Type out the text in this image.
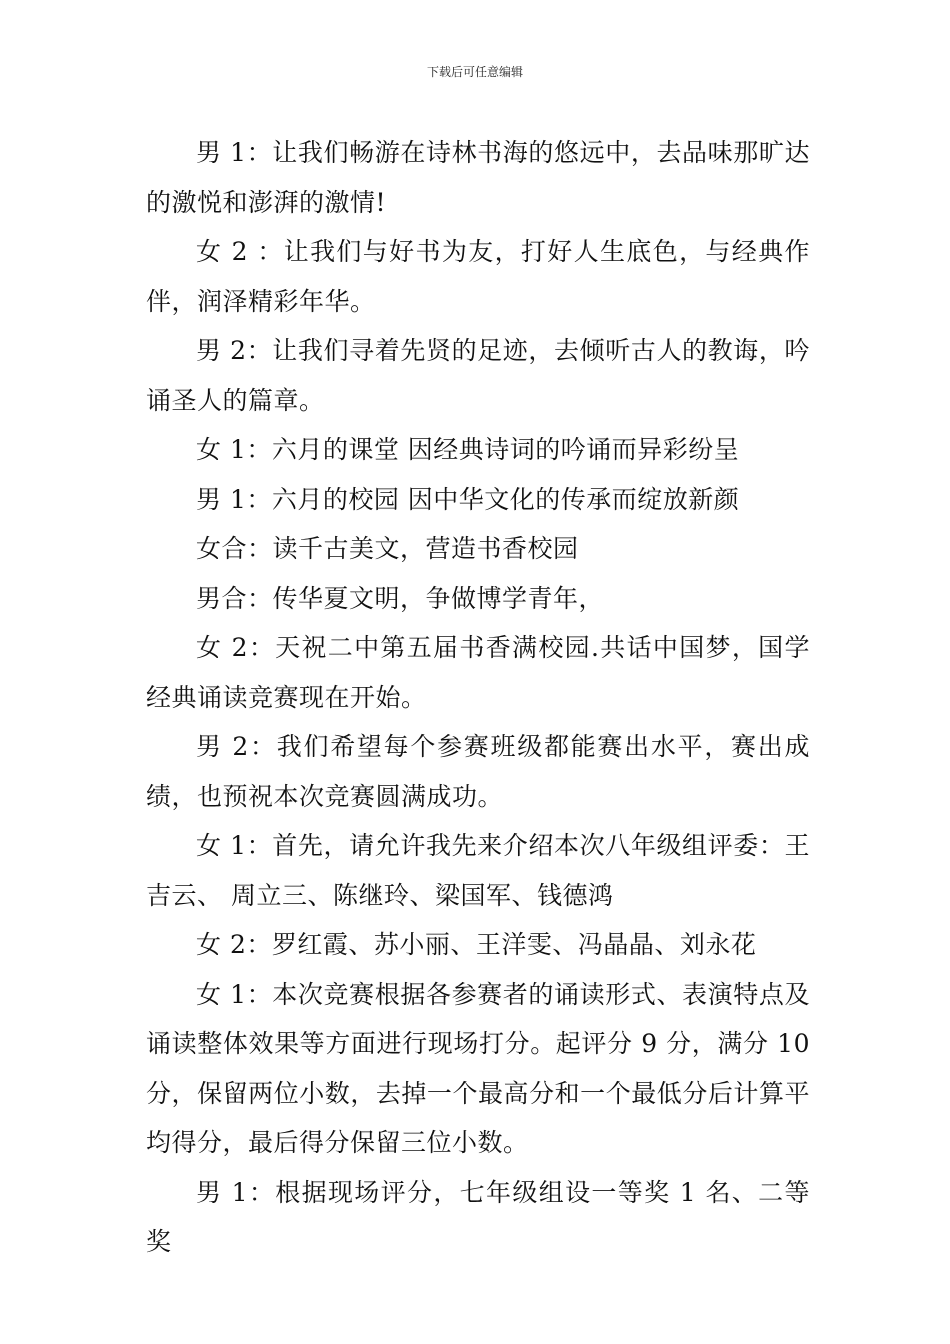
下载后可任意编辑

男 1：让我们畅游在诗林书海的悠远中，去品味那旷达的激悦和澎湃的激情!

女 2 ：让我们与好书为友，打好人生底色，与经典作伴，润泽精彩年华。

男 2：让我们寻着先贤的足迹，去倾听古人的教诲，吟诵圣人的篇章。

女 1：六月的课堂 因经典诗词的吟诵而异彩纷呈

男 1：六月的校园 因中华文化的传承而绽放新颜

女合：读千古美文，营造书香校园

男合：传华夏文明，争做博学青年，

女 2：天祝二中第五届书香满校园.共话中国梦，国学经典诵读竞赛现在开始。

男 2：我们希望每个参赛班级都能赛出水平，赛出成绩，也预祝本次竞赛圆满成功。

女 1：首先，请允许我先来介绍本次八年级组评委：王吉云、 周立三、陈继玲、梁国军、钱德鸿

女 2：罗红霞、苏小丽、王洋雯、冯晶晶、刘永花

女 1：本次竞赛根据各参赛者的诵读形式、表演特点及诵读整体效果等方面进行现场打分。起评分 9 分，满分 10 分，保留两位小数，去掉一个最高分和一个最低分后计算平均得分，最后得分保留三位小数。

男 1：根据现场评分，七年级组设一等奖 1 名、二等奖
